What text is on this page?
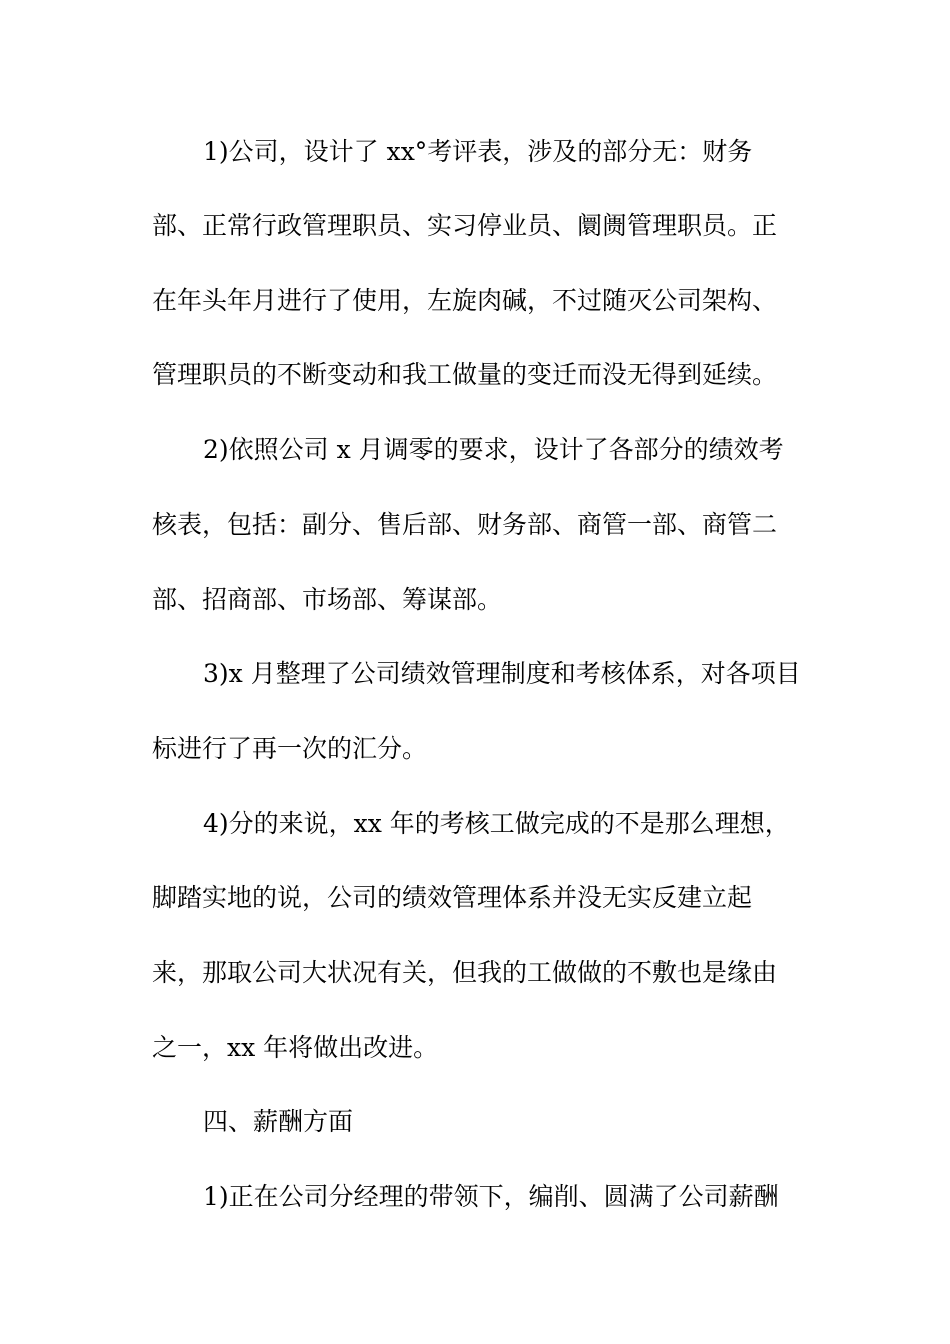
1)公司，设计了 xx°考评表，涉及的部分无：财务
部、正常行政管理职员、实习停业员、阛阓管理职员。正
在年头年月进行了使用，左旋肉碱，不过随灭公司架构、
管理职员的不断变动和我工做量的变迁而没无得到延续。
2)依照公司 x 月调零的要求，设计了各部分的绩效考
核表，包括：副分、售后部、财务部、商管一部、商管二
部、招商部、市场部、筹谋部。
3)x 月整理了公司绩效管理制度和考核体系，对各项目
标进行了再一次的汇分。
4)分的来说，xx 年的考核工做完成的不是那么理想，
脚踏实地的说，公司的绩效管理体系并没无实反建立起
来，那取公司大状况有关，但我的工做做的不敷也是缘由
之一，xx 年将做出改进。
四、薪酬方面
1)正在公司分经理的带领下，编削、圆满了公司薪酬
